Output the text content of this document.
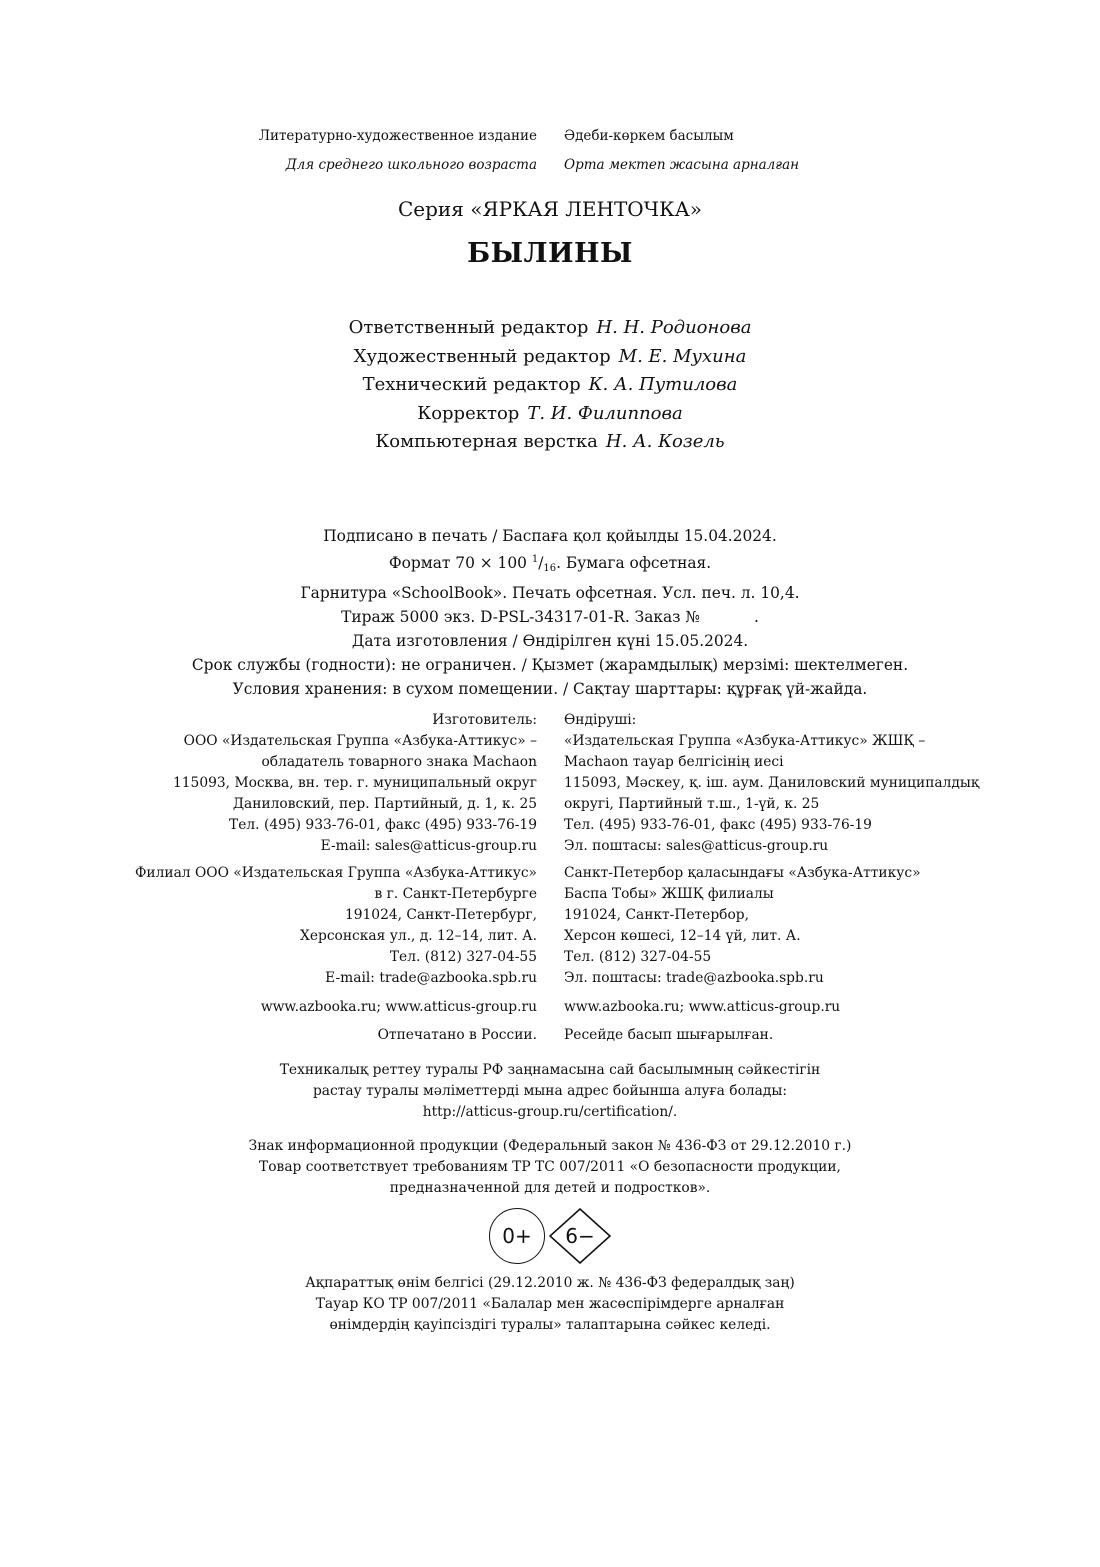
Литературно-художественное издание
Для среднего школьного возраста
Әдеби-көркем басылым
Орта мектеп жасына арналған
Серия «ЯРКАЯ ЛЕНТОЧКА»
БЫЛИНЫ
Ответственный редактор Н. Н. Родионова
Художественный редактор М. Е. Мухина
Технический редактор К. А. Путилова
Корректор Т. И. Филиппова
Компьютерная верстка Н. А. Козель
Подписано в печать / Баспаға қол қойылды 15.04.2024.
Формат 70 × 100 $^1/_{16}$. Бумага офсетная.
Гарнитура «SchoolBook». Печать офсетная. Усл. печ. л. 10,4.
Тираж 5000 экз. D-PSL-34317-01-R. Заказ №	.
Дата изготовления / Өндірілген күні 15.05.2024.
Срок службы (годности): не ограничен. / Қызмет (жарамдылық) мерзімі: шектелмеген.
Условия хранения: в сухом помещении. / Сақтау шарттары: құрғақ үй-жайда.
Изготовитель:
ООО «Издательская Группа «Азбука-Аттикус» –
обладатель товарного знака Machaon
115093, Москва, вн. тер. г. муниципальный округ
Даниловский, пер. Партийный, д. 1, к. 25
Тел. (495) 933-76-01, факс (495) 933-76-19
E-mail: sales@atticus-group.ru
Өндіруші:
«Издательская Группа «Азбука-Аттикус» ЖШҚ –
Machaon тауар белгісінің иесі
115093, Мәскеу, қ. іш. аум. Даниловский муниципалдық
округі, Партийный т.ш., 1-үй, к. 25
Тел. (495) 933-76-01, факс (495) 933-76-19
Эл. поштасы: sales@atticus-group.ru
Филиал ООО «Издательская Группа «Азбука-Аттикус»
в г. Санкт-Петербурге
191024, Санкт-Петербург,
Херсонская ул., д. 12–14, лит. А.
Тел. (812) 327-04-55
E-mail: trade@azbooka.spb.ru
Санкт-Петербор қаласындағы «Азбука-Аттикус»
Баспа Тобы» ЖШҚ филиалы
191024, Санкт-Петербор,
Херсон көшесі, 12–14 үй, лит. А.
Тел. (812) 327-04-55
Эл. поштасы: trade@azbooka.spb.ru
www.azbooka.ru; www.atticus-group.ru www.azbooka.ru; www.atticus-group.ru
Отпечатано в России. Ресейде басып шығарылған.
Техникалық реттеу туралы РФ заңнамасына сай басылымның сәйкестігін
растау туралы мәліметтерді мына адрес бойынша алуға болады:
http://atticus-group.ru/certification/.
Знак информационной продукции (Федеральный закон № 436-ФЗ от 29.12.2010 г.)
Товар соответствует требованиям ТР ТС 007/2011 «О безопасности продукции,
предназначенной для детей и подростков».
0+	6−
Ақпараттық өнім белгісі (29.12.2010 ж. № 436-ФЗ федералдық заң)
Тауар КО ТР 007/2011 «Балалар мен жасөспірімдерге арналған
өнімдердің қауіпсіздігі туралы» талаптарына сәйкес келеді.
